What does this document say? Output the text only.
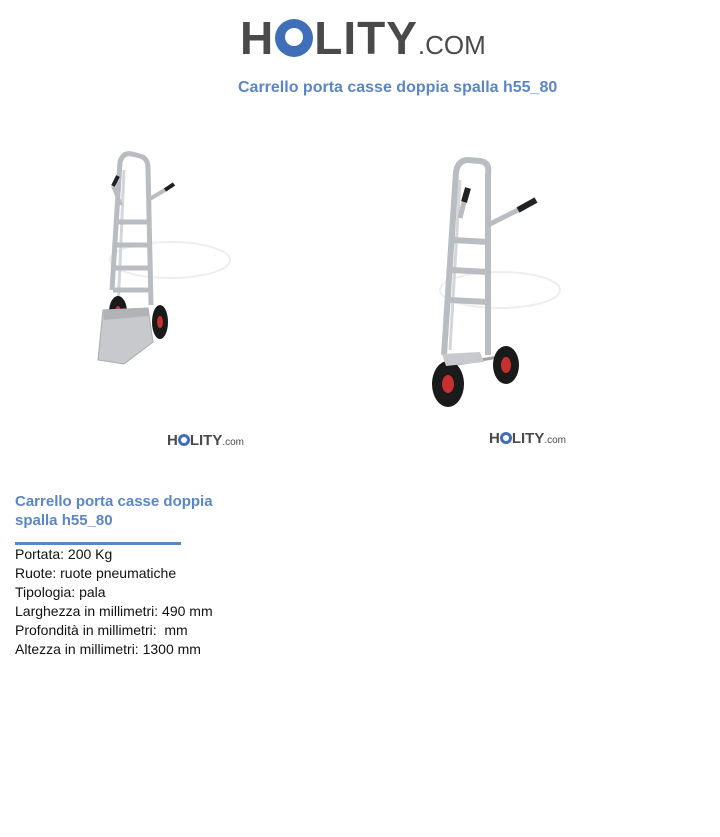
H LITY.COM
Carrello porta casse doppia spalla h55_80
H LITY.com	H LITY.com
Carrello porta casse doppia spalla h55_80
Portata: 200 Kg
Ruote: ruote pneumatiche
Tipologia: pala
Larghezza in millimetri: 490 mm
Profondità in millimetri:  mm
Altezza in millimetri: 1300 mm
